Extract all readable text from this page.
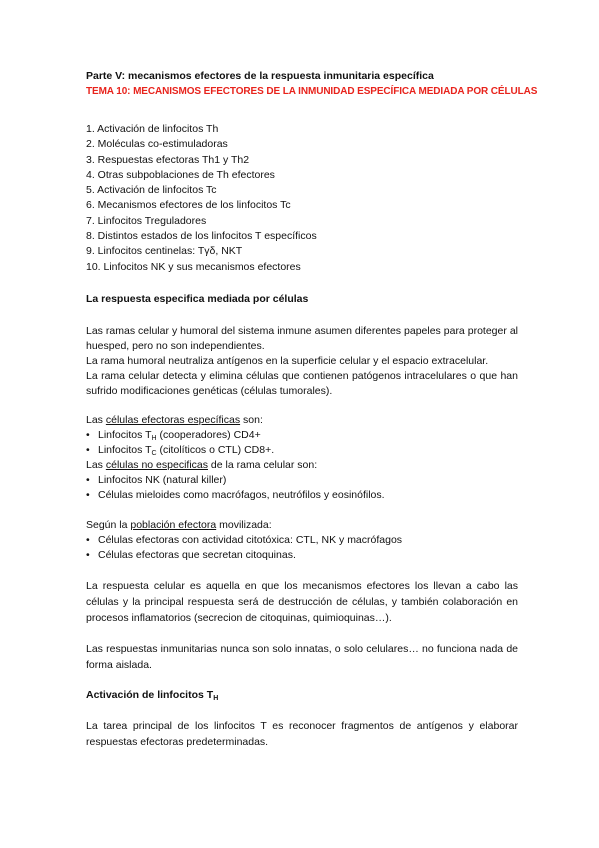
Parte V: mecanismos efectores de la respuesta inmunitaria específica
TEMA 10: MECANISMOS EFECTORES DE LA INMUNIDAD ESPECÍFICA MEDIADA POR CÉLULAS
1. Activación de linfocitos Th
2. Moléculas co-estimuladoras
3. Respuestas efectoras Th1 y Th2
4. Otras subpoblaciones de Th efectores
5. Activación de linfocitos Tc
6. Mecanismos efectores de los linfocitos Tc
7. Linfocitos Treguladores
8. Distintos estados de los linfocitos T específicos
9. Linfocitos centinelas: Tγδ, NKT
10. Linfocitos NK y sus mecanismos efectores
La respuesta especifica mediada por células

Las ramas celular y humoral del sistema inmune asumen diferentes papeles para proteger al huesped, pero no son independientes.

La rama humoral neutraliza antígenos en la superficie celular y el espacio extracelular.

La rama celular detecta y elimina células que contienen patógenos intracelulares o que han sufrido modificaciones genéticas (células tumorales).

Las células efectoras específicas son:

• Linfocitos $T_H$ (cooperadores) CD4+
• Linfocitos $T_C$ (citolíticos o CTL) CD8+.

Las células no especificas de la rama celular son:

• Linfocitos NK (natural killer)
• Células mieloides como macrófagos, neutrófilos y eosinófilos.

Según la población efectora movilizada:

• Células efectoras con actividad citotóxica: CTL, NK y macrófagos
• Células efectoras que secretan citoquinas.

La respuesta celular es aquella en que los mecanismos efectores los llevan a cabo las células y la principal respuesta será de destrucción de células, y también colaboración en procesos inflamatorios (secrecion de citoquinas, quimioquinas…).

Las respuestas inmunitarias nunca son solo innatas, o solo celulares… no funciona nada de forma aislada.

Activación de linfocitos $T_H$

La tarea principal de los linfocitos T es reconocer fragmentos de antígenos y elaborar respuestas efectoras predeterminadas.
